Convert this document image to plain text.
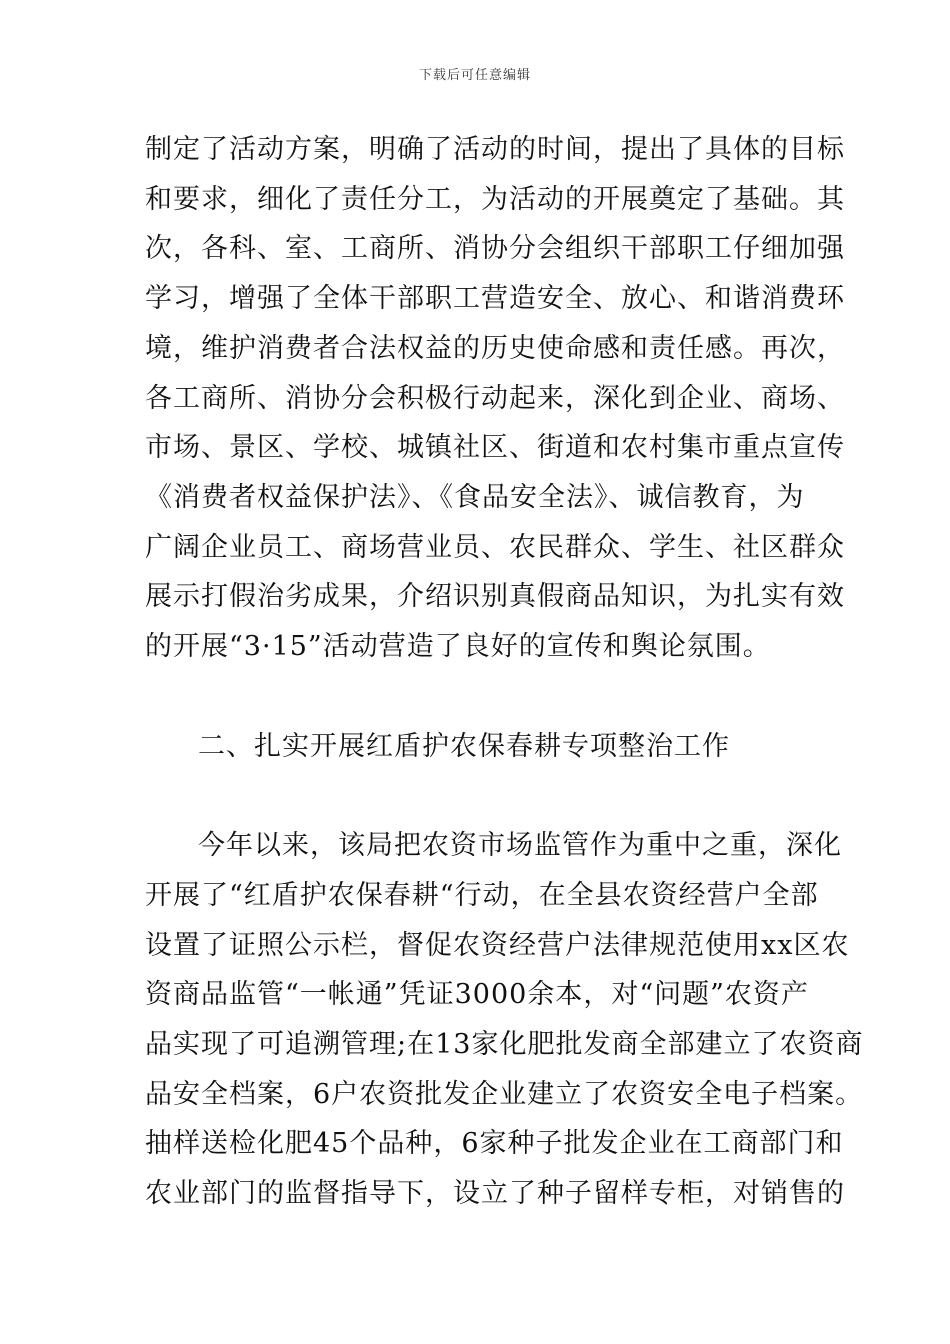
下载后可任意编辑
制定了活动方案，明确了活动的时间，提出了具体的目标
和要求，细化了责任分工，为活动的开展奠定了基础。其
次，各科、室、工商所、消协分会组织干部职工仔细加强
学习，增强了全体干部职工营造安全、放心、和谐消费环
境，维护消费者合法权益的历史使命感和责任感。再次，
各工商所、消协分会积极行动起来，深化到企业、商场、
市场、景区、学校、城镇社区、街道和农村集市重点宣传
《消费者权益保护法》、《食品安全法》、诚信教育，为
广阔企业员工、商场营业员、农民群众、学生、社区群众
展示打假治劣成果，介绍识别真假商品知识，为扎实有效
的开展“3·15”活动营造了良好的宣传和舆论氛围。
二、扎实开展红盾护农保春耕专项整治工作
今年以来，该局把农资市场监管作为重中之重，深化
开展了“红盾护农保春耕“行动，在全县农资经营户全部
设置了证照公示栏，督促农资经营户法律规范使用xx区农
资商品监管“一帐通”凭证3000余本，对“问题”农资产
品实现了可追溯管理;在13家化肥批发商全部建立了农资商
品安全档案，6户农资批发企业建立了农资安全电子档案。
抽样送检化肥45个品种，6家种子批发企业在工商部门和
农业部门的监督指导下，设立了种子留样专柜，对销售的
